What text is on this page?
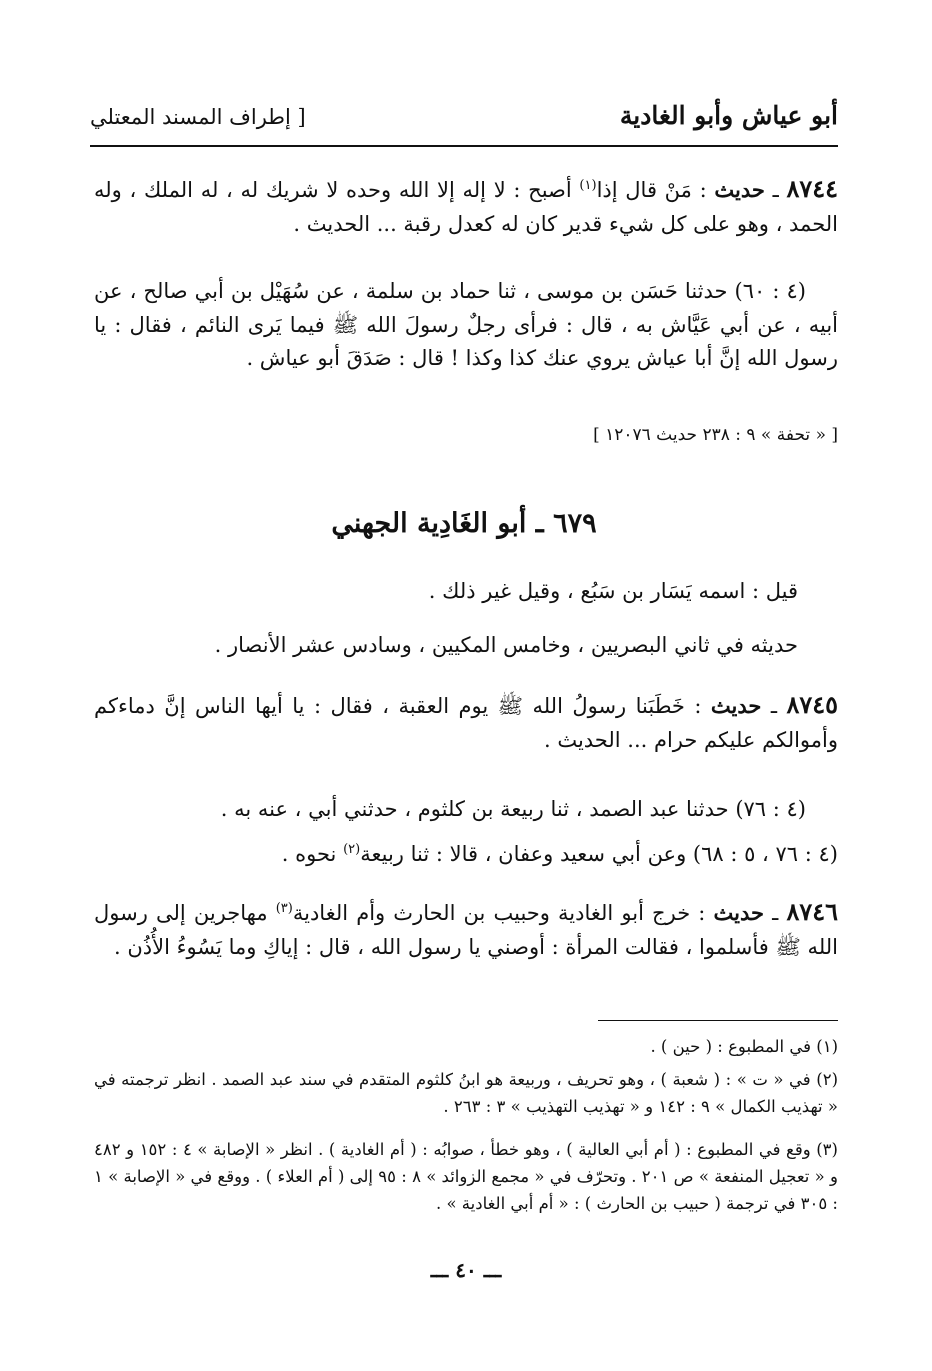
أبو عياش وأبو الغادية
[ إطراف المسند المعتلي
٨٧٤٤ ـ حديث : مَنْ قال إذا$^{(١)}$ أصبح : لا إله إلا الله وحده لا شريك له ، له الملك ، وله الحمد ، وهو على كل شيء قدير كان له كعدل رقبة ... الحديث .
(٤ : ٦٠) حدثنا حَسَن بن موسى ، ثنا حماد بن سلمة ، عن سُهَيْل بن أبي صالح ، عن أبيه ، عن أبي عَيَّاش به ، قال : فرأى رجلٌ رسولَ الله ﷺ فيما يَرى النائم ، فقال : يا رسول الله إنَّ أبا عياش يروي عنك كذا وكذا ! قال : صَدَقَ أبو عياش .
[ « تحفة » ٩ : ٢٣٨ حديث ١٢٠٧٦ ]
٦٧٩ ـ أبو الغَادِية الجهني
قيل : اسمه يَسَار بن سَبُع ، وقيل غير ذلك .
حديثه في ثاني البصريين ، وخامس المكيين ، وسادس عشر الأنصار .
٨٧٤٥ ـ حديث : خَطَبَنا رسولُ الله ﷺ يوم العقبة ، فقال : يا أيها الناس إنَّ دماءكم وأموالكم عليكم حرام ... الحديث .
(٤ : ٧٦) حدثنا عبد الصمد ، ثنا ربيعة بن كلثوم ، حدثني أبي ، عنه به .
(٤ : ٧٦ ، ٥ : ٦٨) وعن أبي سعيد وعفان ، قالا : ثنا ربيعة$^{(٢)}$ نحوه .
٨٧٤٦ ـ حديث : خرج أبو الغادية وحبيب بن الحارث وأم الغادية$^{(٣)}$ مهاجرين إلى رسول الله ﷺ فأسلموا ، فقالت المرأة : أوصني يا رسول الله ، قال : إياكِ وما يَسُوءُ الأُذُن .
(١) في المطبوع : ( حين ) .
(٢) في « ت » : ( شعبة ) ، وهو تحريف ، وربيعة هو ابنُ كلثوم المتقدم في سند عبد الصمد . انظر ترجمته في « تهذيب الكمال » ٩ : ١٤٢ و « تهذيب التهذيب » ٣ : ٢٦٣ .
(٣) وقع في المطبوع : ( أم أبي العالية ) ، وهو خطأ ، صوابُه : ( أم الغادية ) . انظر « الإصابة » ٤ : ١٥٢ و ٤٨٢ و « تعجيل المنفعة » ص ٢٠١ . وتحرّف في « مجمع الزوائد » ٨ : ٩٥ إلى ( أم العلاء ) . ووقع في « الإصابة » ١ : ٣٠٥ في ترجمة ( حبيب بن الحارث ) : « أم أبي الغادية » .
ـــ ٤٠ ـــ
